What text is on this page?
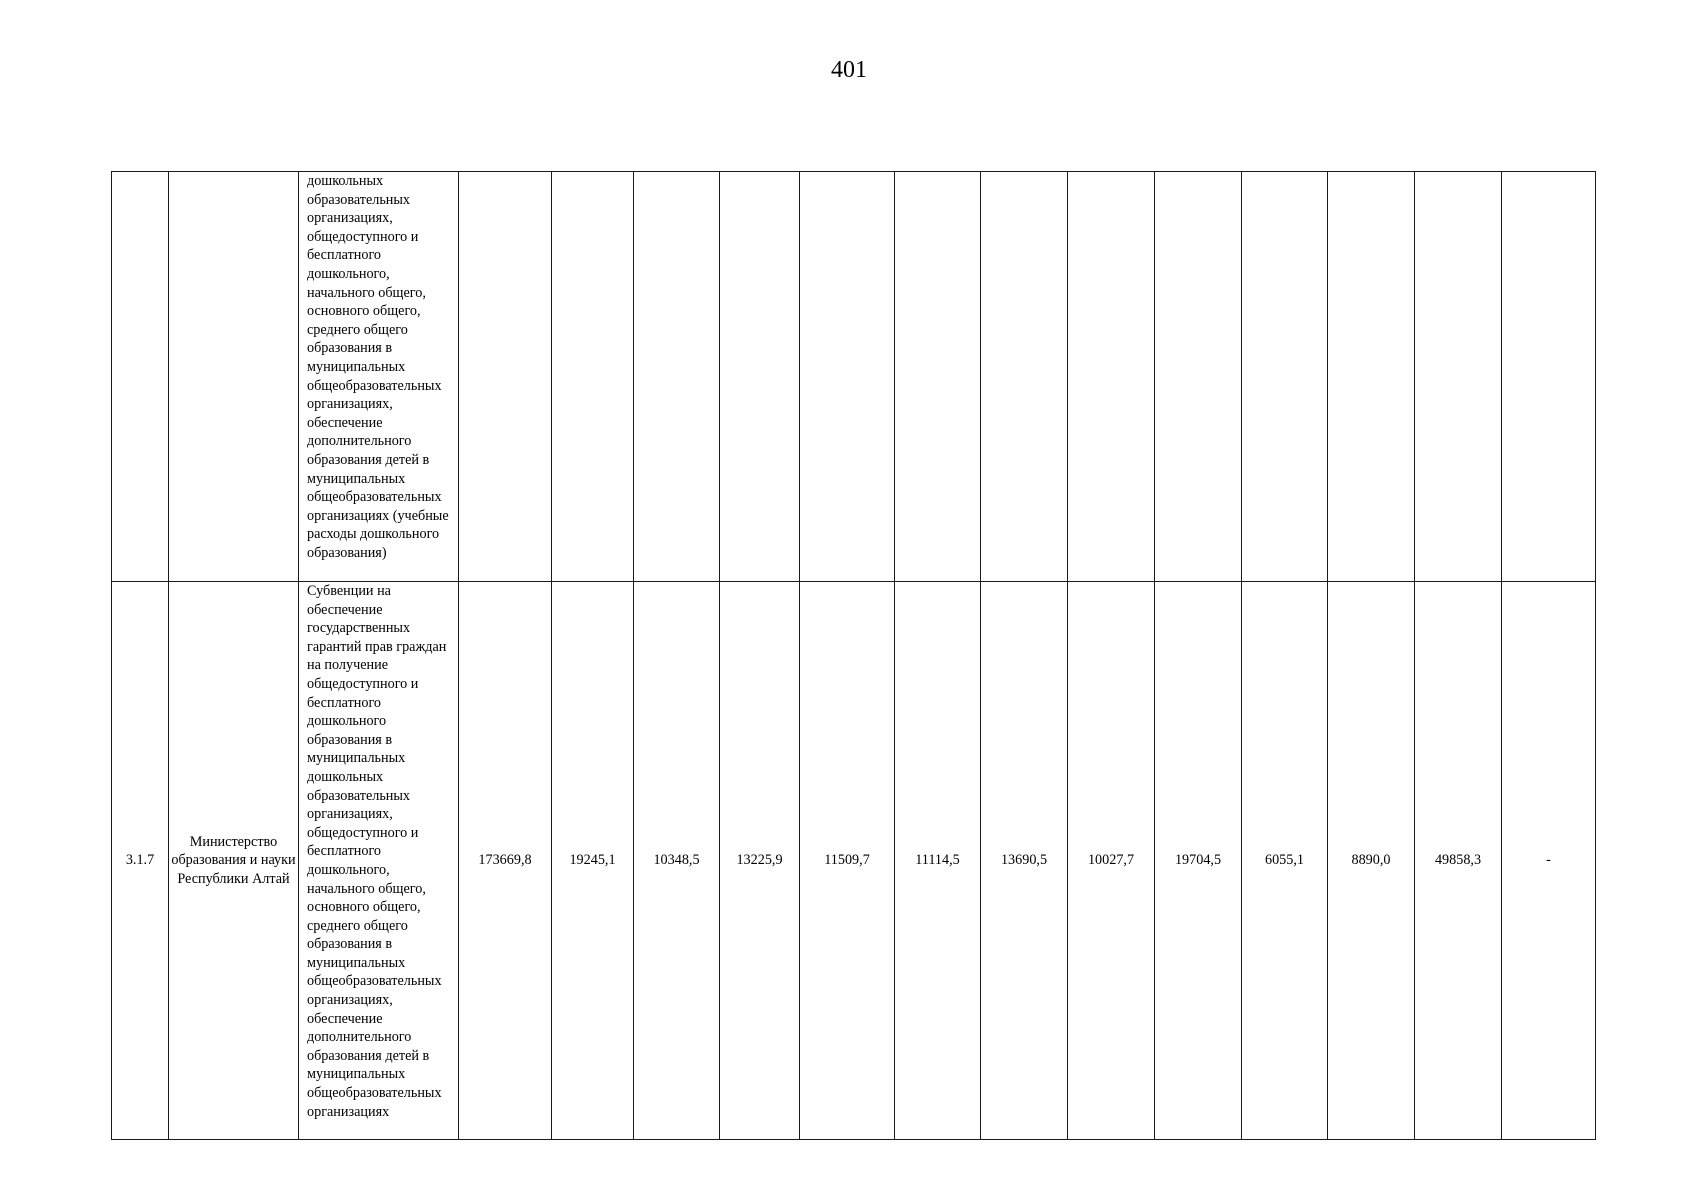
401
		дошкольных образовательных организациях, общедоступного и бесплатного дошкольного, начального общего, основного общего, среднего общего образования в муниципальных общеобразовательных организациях, обеспечение дополнительного образования детей в муниципальных общеобразовательных организациях (учебные расходы дошкольного образования)													
3.1.7	Министерство образования и науки Республики Алтай	Субвенции на обеспечение государственных гарантий прав граждан на получение общедоступного и бесплатного дошкольного образования в муниципальных дошкольных образовательных организациях, общедоступного и бесплатного дошкольного, начального общего, основного общего, среднего общего образования в муниципальных общеобразовательных организациях, обеспечение дополнительного образования детей в муниципальных общеобразовательных организациях	173669,8	19245,1	10348,5	13225,9	11509,7	11114,5	13690,5	10027,7	19704,5	6055,1	8890,0	49858,3	-
